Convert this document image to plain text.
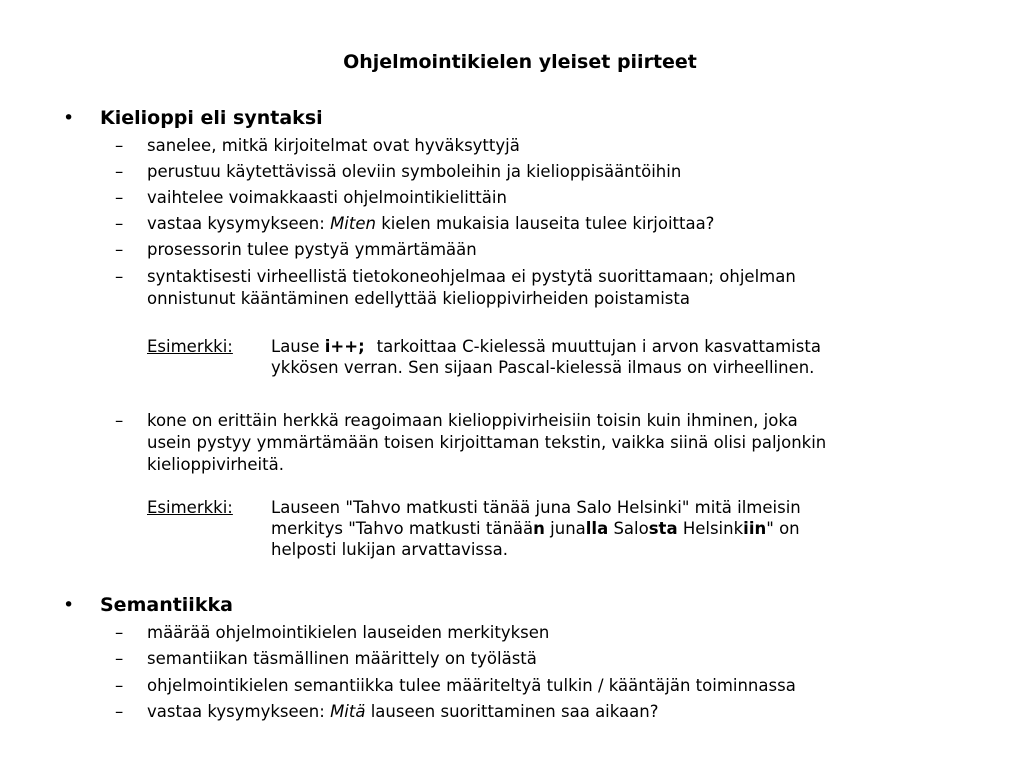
Ohjelmointikielen yleiset piirteet
• Kielioppi eli syntaksi
– sanelee, mitkä kirjoitelmat ovat hyväksyttyjä
– perustuu käytettävissä oleviin symboleihin ja kielioppisääntöihin
– vaihtelee voimakkaasti ohjelmointikielittäin
– vastaa kysymykseen: Miten kielen mukaisia lauseita tulee kirjoittaa?
– prosessorin tulee pystyä ymmärtämään
– syntaktisesti virheellistä tietokoneohjelmaa ei pystytä suorittamaan; ohjelman
onnistunut kääntäminen edellyttää kielioppivirheiden poistamista
Esimerkki: Lause i++; tarkoittaa C-kielessä muuttujan i arvon kasvattamista
ykkösen verran. Sen sijaan Pascal-kielessä ilmaus on virheellinen.
– kone on erittäin herkkä reagoimaan kielioppivirheisiin toisin kuin ihminen, joka
usein pystyy ymmärtämään toisen kirjoittaman tekstin, vaikka siinä olisi paljonkin
kielioppivirheitä.
Esimerkki: Lauseen "Tahvo matkusti tänää juna Salo Helsinki" mitä ilmeisin
merkitys "Tahvo matkusti tänään junalla Salosta Helsinkiin" on
helposti lukijan arvattavissa.
• Semantiikka
– määrää ohjelmointikielen lauseiden merkityksen
– semantiikan täsmällinen määrittely on työlästä
– ohjelmointikielen semantiikka tulee määriteltyä tulkin / kääntäjän toiminnassa
– vastaa kysymykseen: Mitä lauseen suorittaminen saa aikaan?
